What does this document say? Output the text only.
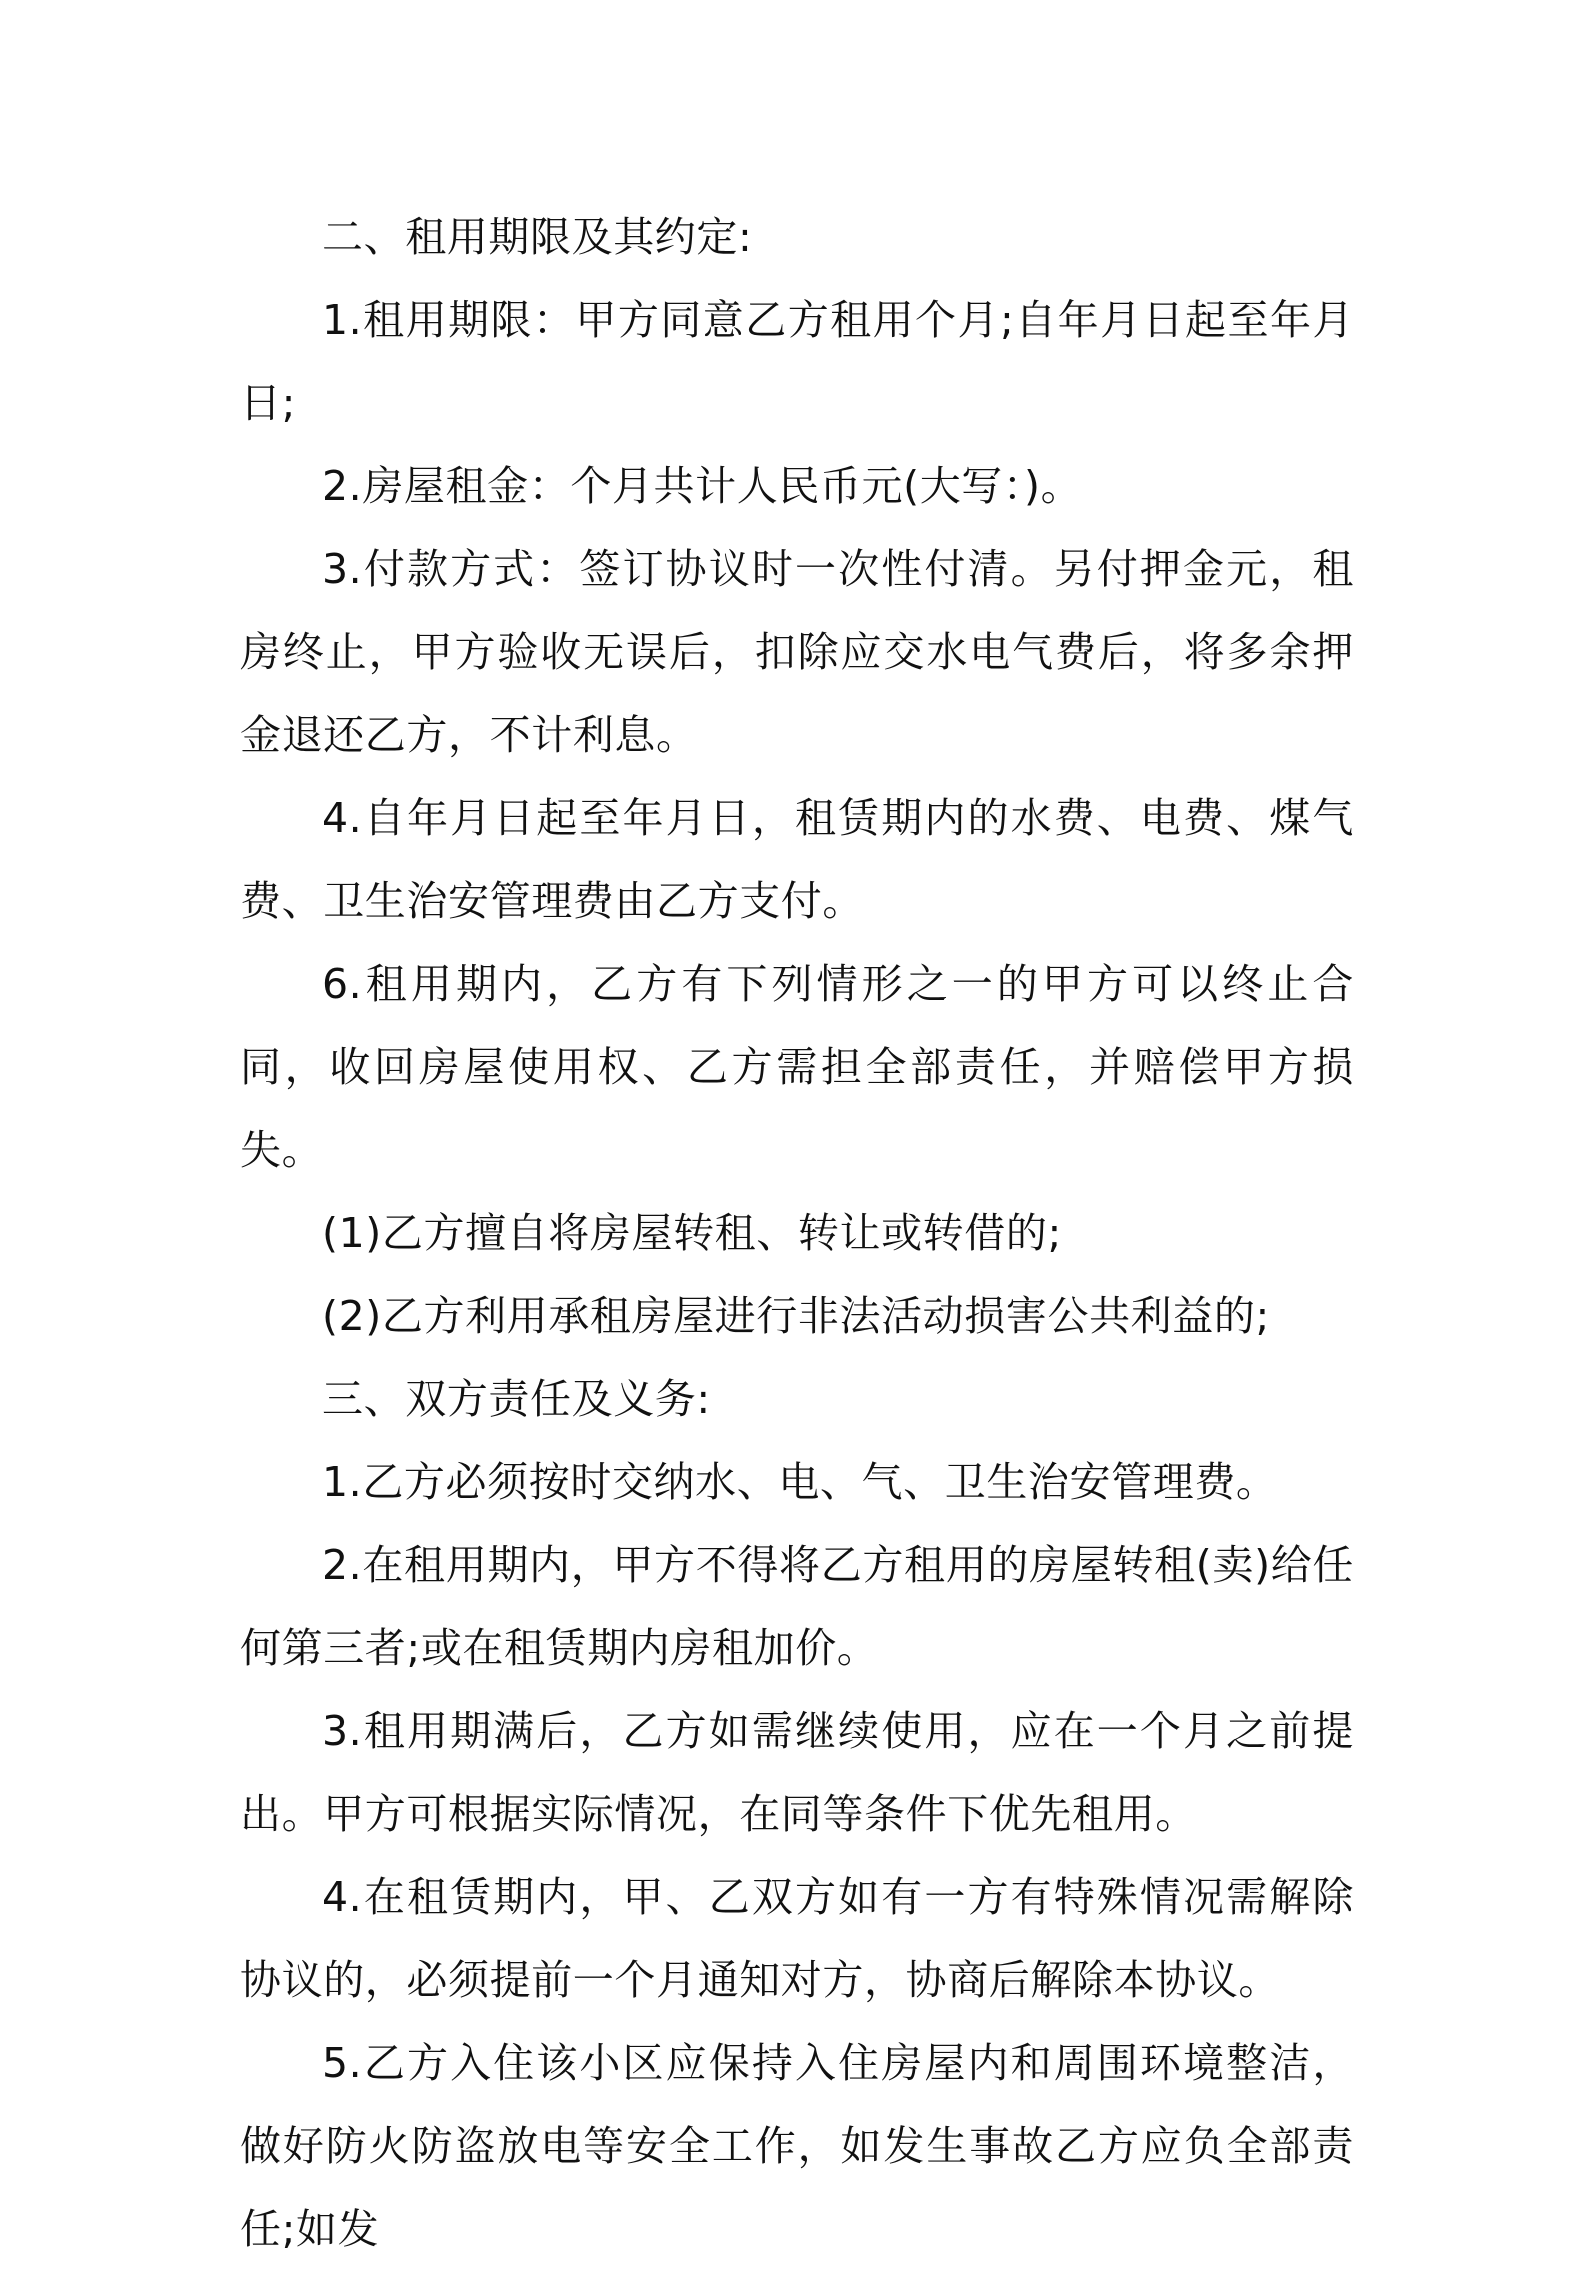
二、租用期限及其约定:

1.租用期限：甲方同意乙方租用个月;自年月日起至年月日;

2.房屋租金：个月共计人民币元(大写：)。

3.付款方式：签订协议时一次性付清。另付押金元，租房终止，甲方验收无误后，扣除应交水电气费后，将多余押金退还乙方，不计利息。

4.自年月日起至年月日，租赁期内的水费、电费、煤气费、卫生治安管理费由乙方支付。

6.租用期内，乙方有下列情形之一的甲方可以终止合同，收回房屋使用权、乙方需担全部责任，并赔偿甲方损失。

(1)乙方擅自将房屋转租、转让或转借的;

(2)乙方利用承租房屋进行非法活动损害公共利益的;

三、双方责任及义务:

1.乙方必须按时交纳水、电、气、卫生治安管理费。

2.在租用期内，甲方不得将乙方租用的房屋转租(卖)给任何第三者;或在租赁期内房租加价。

3.租用期满后，乙方如需继续使用，应在一个月之前提出。甲方可根据实际情况，在同等条件下优先租用。

4.在租赁期内，甲、乙双方如有一方有特殊情况需解除协议的，必须提前一个月通知对方，协商后解除本协议。

5.乙方入住该小区应保持入住房屋内和周围环境整洁，做好防火防盗放电等安全工作，如发生事故乙方应负全部责任;如发
